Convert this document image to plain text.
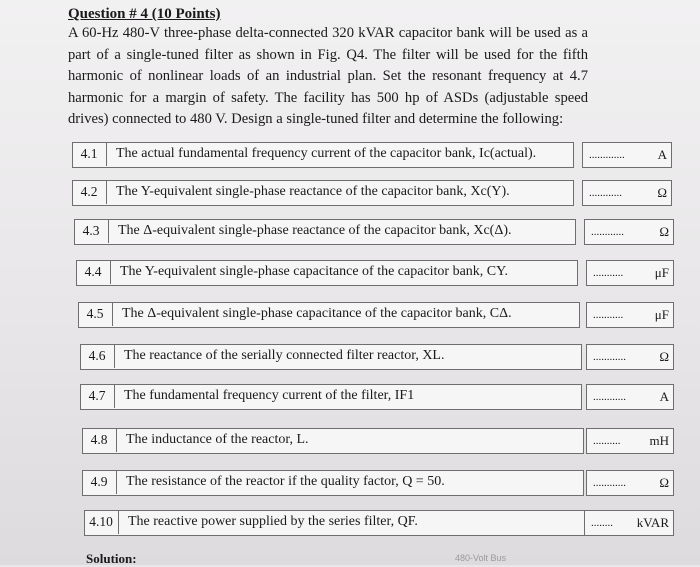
Question # 4 (10 Points)
A 60-Hz 480-V three-phase delta-connected 320 kVAR capacitor bank will be used as a part of a single-tuned filter as shown in Fig. Q4. The filter will be used for the fifth harmonic of nonlinear loads of an industrial plan. Set the resonant frequency at 4.7 harmonic for a margin of safety. The facility has 500 hp of ASDs (adjustable speed drives) connected to 480 V. Design a single-tuned filter and determine the following:
4.1	The actual fundamental frequency current of the capacitor bank, Ic(actual).	.............	A
4.2	The Y-equivalent single-phase reactance of the capacitor bank, Xc(Y).	............	Ω
4.3	The Δ-equivalent single-phase reactance of the capacitor bank, Xc(Δ).	............	Ω
4.4	The Y-equivalent single-phase capacitance of the capacitor bank, CY.	........... μF
4.5	The Δ-equivalent single-phase capacitance of the capacitor bank, CΔ.	........... μF
4.6	The reactance of the serially connected filter reactor, XL.	............	Ω
4.7	The fundamental frequency current of the filter, IF1	............	A
4.8	The inductance of the reactor, L.	.......... mH
4.9	The resistance of the reactor if the quality factor, Q = 50.	............	Ω
4.10	The reactive power supplied by the series filter, QF.	........ kVAR
Solution:	480-Volt Bus
